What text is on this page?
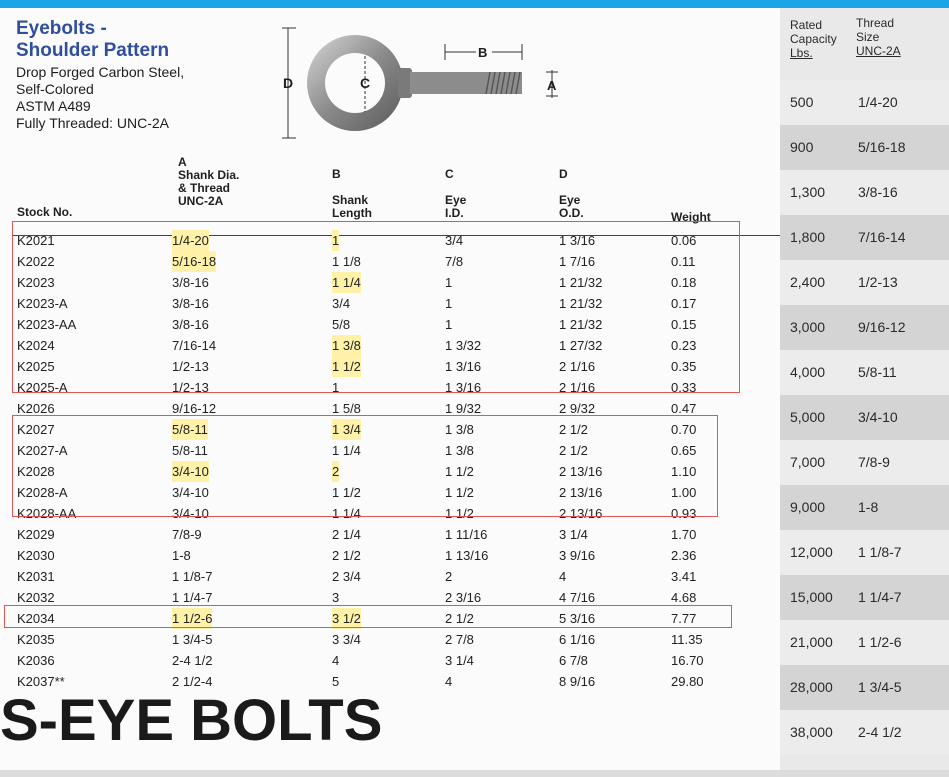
Eyebolts -
Shoulder Pattern
Drop Forged Carbon Steel,
Self-Colored
ASTM A489
Fully Threaded: UNC-2A
D	C
B
A
Stock No.
A
Shank Dia.
& Thread
UNC-2A
B
Shank
Length
C
Eye
I.D.
D
Eye
O.D.	Weight
K2021	1/4-20	1	3/4	1 3/16	0.06
K2022	5/16-18	1 1/8	7/8	1 7/16	0.11
K2023	3/8-16	1 1/4	1	1 21/32	0.18
K2023-A	3/8-16	3/4	1	1 21/32	0.17
K2023-AA	3/8-16	5/8	1	1 21/32	0.15
K2024	7/16-14	1 3/8	1 3/32	1 27/32	0.23
K2025	1/2-13	1 1/2	1 3/16	2 1/16	0.35
K2025-A	1/2-13	1	1 3/16	2 1/16	0.33
K2026	9/16-12	1 5/8	1 9/32	2 9/32	0.47
K2027	5/8-11	1 3/4	1 3/8	2 1/2	0.70
K2027-A	5/8-11	1 1/4	1 3/8	2 1/2	0.65
K2028	3/4-10	2	1 1/2	2 13/16	1.10
K2028-A	3/4-10	1 1/2	1 1/2	2 13/16	1.00
K2028-AA	3/4-10	1 1/4	1 1/2	2 13/16	0.93
K2029	7/8-9	2 1/4	1 11/16	3 1/4	1.70
K2030	1-8	2 1/2	1 13/16	3 9/16	2.36
K2031	1 1/8-7	2 3/4	2	4	3.41
K2032	1 1/4-7	3	2 3/16	4 7/16	4.68
K2034	1 1/2-6	3 1/2	2 1/2	5 3/16	7.77
K2035	1 3/4-5	3 3/4	2 7/8	6 1/16	11.35
K2036	2-4 1/2	4	3 1/4	6 7/8	16.70
K2037**	2 1/2-4	5	4	8 9/16	29.80
S-EYE BOLTS
Rated
Capacity
Lbs.
Thread
Size
UNC-2A
500	1/4-20
900	5/16-18
1,300 3/8-16
1,800 7/16-14
2,400 1/2-13
3,000 9/16-12
4,000 5/8-11
5,000 3/4-10
7,000 7/8-9
9,000 1-8
12,000 1 1/8-7
15,000 1 1/4-7
21,000 1 1/2-6
28,000 1 3/4-5
38,000 2-4 1/2
